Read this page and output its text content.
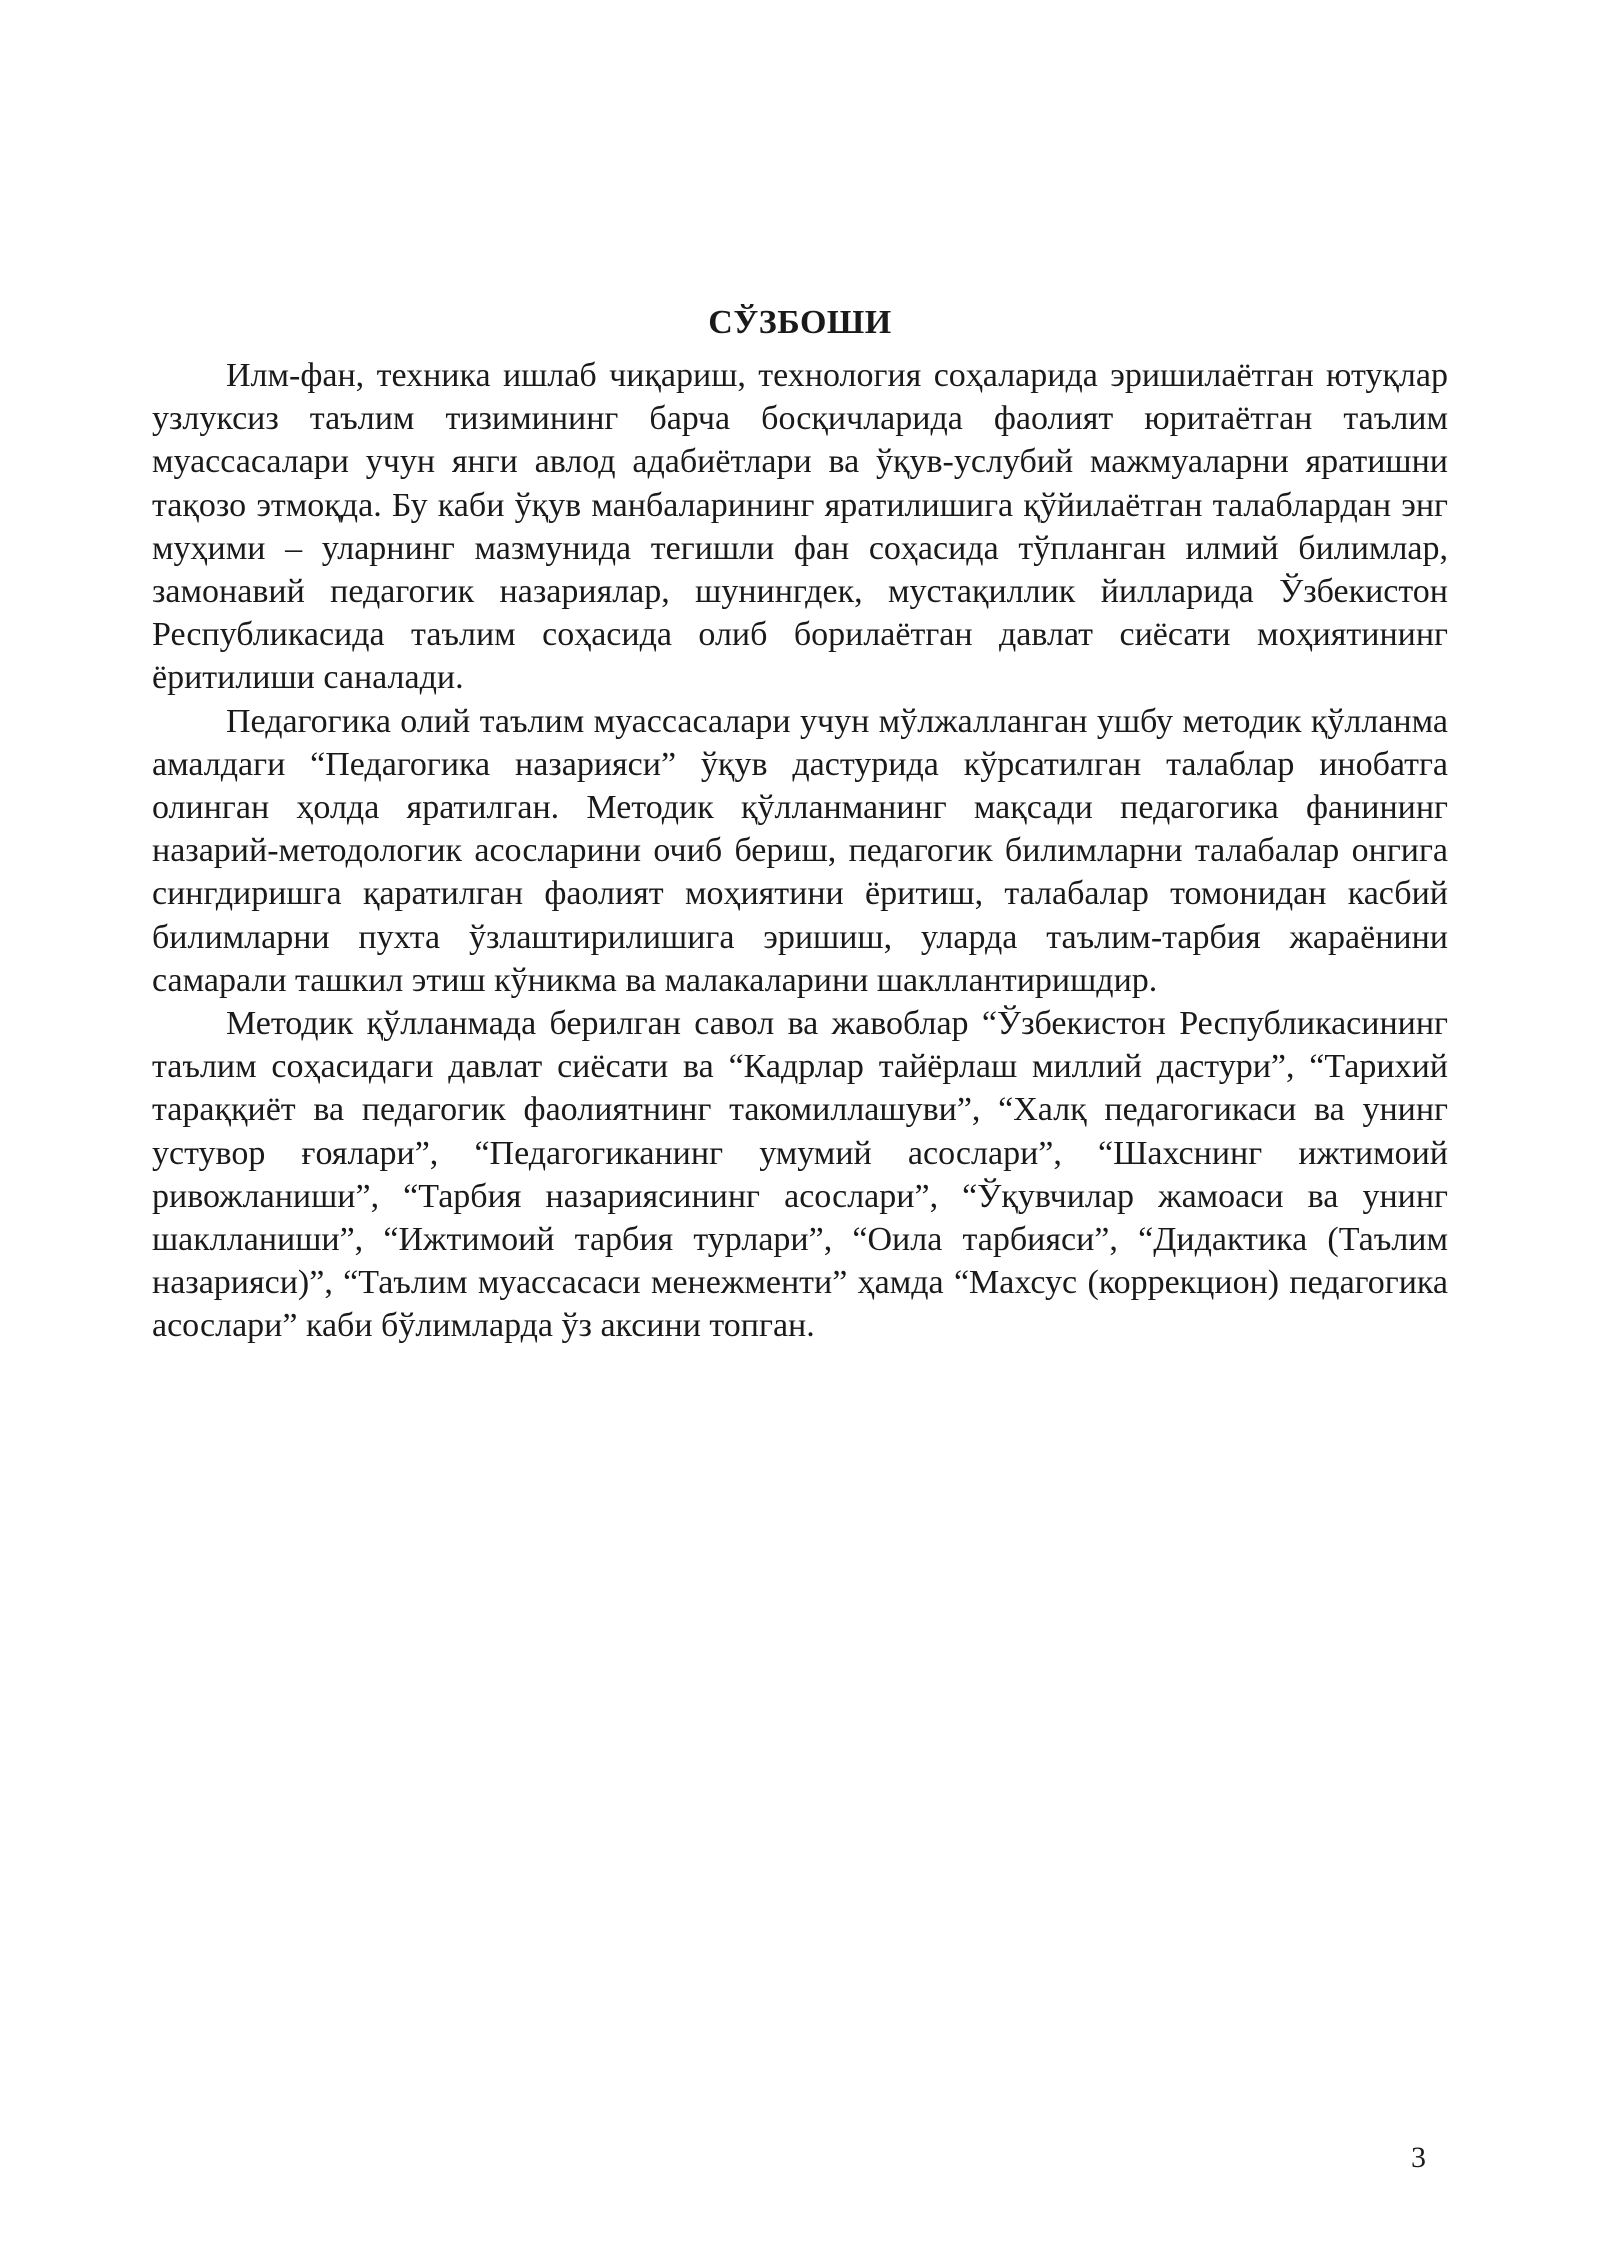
СЎЗБОШИ

Илм-фан, техника ишлаб чиқариш, технология соҳаларида эришилаётган ютуқлар узлуксиз таълим тизимининг барча босқичларида фаолият юритаётган таълим муассасалари учун янги авлод адабиётлари ва ўқув-услубий мажмуаларни яратишни тақозо этмоқда. Бу каби ўқув манбаларининг яратилишига қўйилаётган талаблардан энг муҳими – уларнинг мазмунида тегишли фан соҳасида тўпланган илмий билимлар, замонавий педагогик назариялар, шунингдек, мустақиллик йилларида Ўзбекистон Республикасида таълим соҳасида олиб борилаётган давлат сиёсати моҳиятининг ёритилиши саналади.

Педагогика олий таълим муассасалари учун мўлжалланган ушбу методик қўлланма амалдаги “Педагогика назарияси” ўқув дастурида кўрсатилган талаблар инобатга олинган ҳолда яратилган. Методик қўлланманинг мақсади педагогика фанининг назарий-методологик асосларини очиб бериш, педагогик билимларни талабалар онгига сингдиришга қаратилган фаолият моҳиятини ёритиш, талабалар томонидан касбий билимларни пухта ўзлаштирилишига эришиш, уларда таълим-тарбия жараёнини самарали ташкил этиш кўникма ва малакаларини шакллантиришдир.

Методик қўлланмада берилган савол ва жавоблар “Ўзбекистон Республикасининг таълим соҳасидаги давлат сиёсати ва “Кадрлар тайёрлаш миллий дастури”, “Тарихий тараққиёт ва педагогик фаолиятнинг такомиллашуви”, “Халқ педагогикаси ва унинг устувор ғоялари”, “Педагогиканинг умумий асослари”, “Шахснинг ижтимоий ривожланиши”, “Тарбия назариясининг асослари”, “Ўқувчилар жамоаси ва унинг шаклланиши”, “Ижтимоий тарбия турлари”, “Оила тарбияси”, “Дидактика (Таълим назарияси)”, “Таълим муассасаси менежменти” ҳамда “Махсус (коррекцион) педагогика асослари” каби бўлимларда ўз аксини топган.

3
